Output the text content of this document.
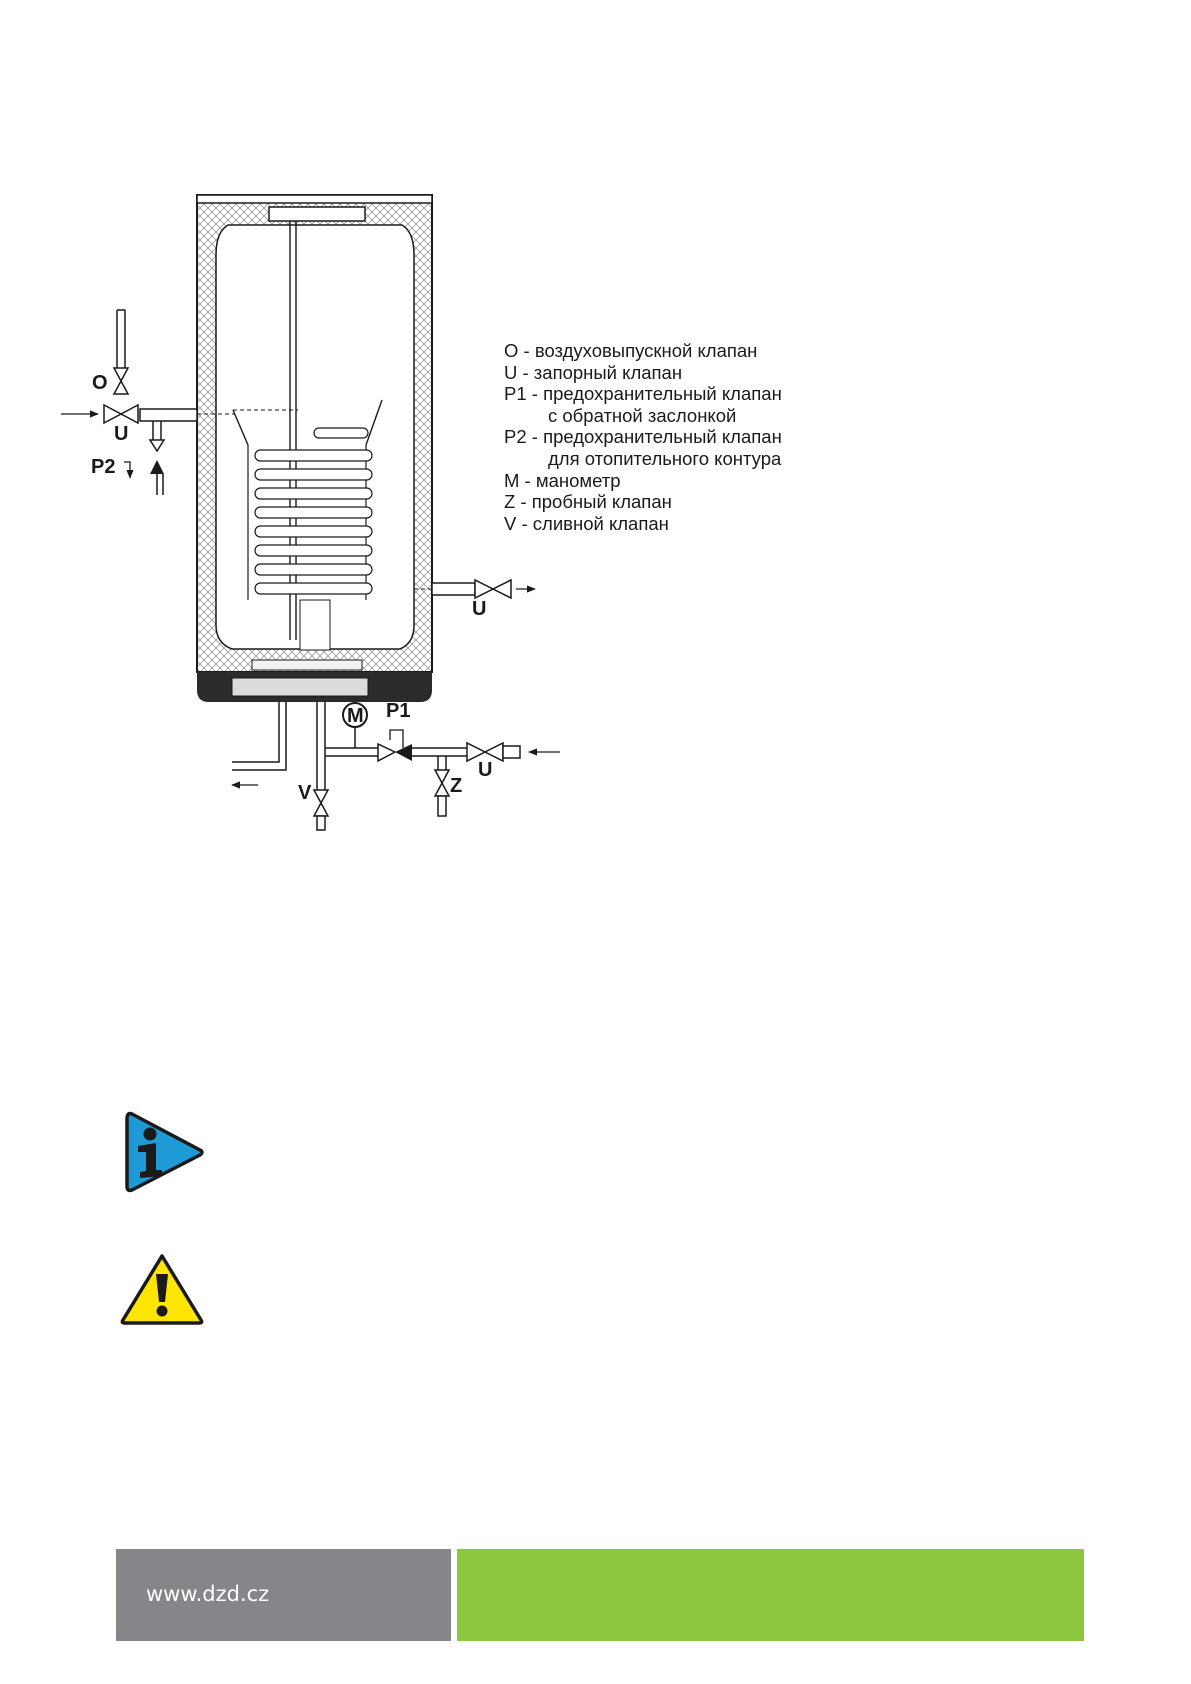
O
U
P2
U
M P1
U
Z
V
O - воздуховыпускной клапан
U - запорный клапан
P1 - предохранительный клапан
с обратной заслонкой
P2 - предохранительный клапан
для отопительного контура
M - манометр
Z - пробный клапан
V - сливной клапан
www.dzd.cz
